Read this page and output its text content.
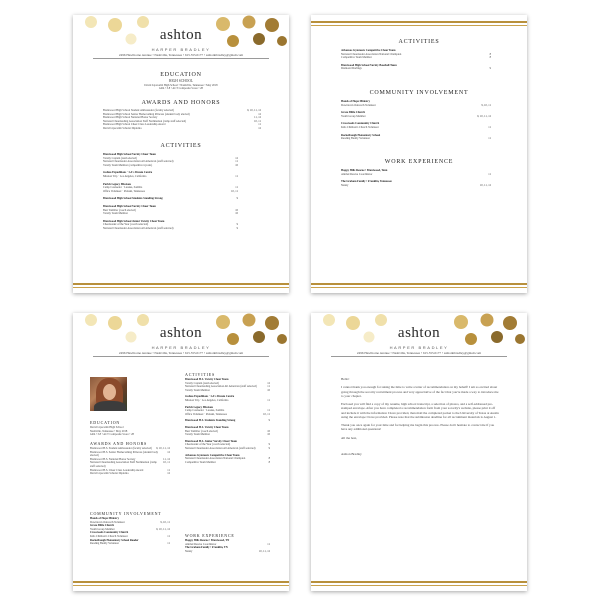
ashton
HARPER BRADLEY
2496 Hawthorne Avenue • Nashville, Tennessee • 615.555.0177 • ashtonhbradley@gmail.com
EDUCATION
HIGH SCHOOL
David Lipscomb High School • Nashville, Tennessee • May 2018
GPA • 3.8 • ACT Composite Score • 28
AWARDS AND HONORS
Brentwood High School Student Ambassador (faculty selected)	9, 10, 11, 12
Brentwood High School Senior Homecoming Princess (student body elected)	12
Brentwood High School National Honor Society	11, 12
National Cheerleading Association Staff Nomination (camp staff selected)	10, 11
Brentwood High School Cheer Class Leadership Award	11
David Lipscomb Scholar Diploma	12
ACTIVITIES
Brentwood High School Varsity Cheer Team
Varsity Captain (team elected)	12
National Cheerleader Association All American (staff selected)	11
Varsity Team Member (competitive tryouts)	10
Joshua Expeditions · LA's Dream Centre
Mission Trip · Los Angeles, California	11
Parish Legacy Missions
Camp Counselor · Lusaka, Zambia	11
Office Volunteer · Pulaski, Tennessee	10, 11
Brentwood High School Students Standing Strong	9
Brentwood High School Varsity Cheer Team
Best Tumbler (coach elected)	10
Varsity Team Member	10
Brentwood High School Junior Varsity Cheer Team
Cheerleader of the Year (coach selected)	9
National Cheerleader Association All American (staff selected)	9
ACTIVITIES
Arkansas Gymnasts Competitive Cheer Team
National Cheerleader Association National Champion	8
Competitive Team Member	8
Brentwood High School Varsity Baseball Team
Diamond Darlings	9
COMMUNITY INVOLVEMENT
Hands of Hope Ministry
Downtown Outreach Volunteer	9, 10, 11
Grace Bible Church
Youth Group Member	9, 10, 11, 12
Crossroads Community Church
Kids Children's Church Volunteer	11
Rocketbough Elementary School
Reading Buddy Volunteer	11
WORK EXPERIENCE
Happy Hills Rescue • Brentwood, Tenn
Animal Rescue Coordinator	11
The Graham Family • Franklin, Tennessee
Nanny	10, 11, 12
ashton
HARPER BRADLEY
2496 Hawthorne Avenue • Nashville, Tennessee • 615.555.0177 • ashtonhbradley@gmail.com
EDUCATION
David Lipscomb High School
Nashville, Tennessee • May 2018
GPA • 3.8 • ACT Composite Score • 28
AWARDS AND HONORS
Brentwood H.S. Student Ambassador (faculty selected) 9, 10, 11, 12
Brentwood H.S. Senior Homecoming Princess (student body elected)
12
Brentwood H.S. National Honor Society	11, 12
National Cheerleading Association Staff Nomination (camp staff selected)
10, 11
Brentwood H.S. Cheer Class Leadership Award	11
David Lipscomb Scholar Diploma	12
COMMUNITY INVOLVEMENT
Hands of Hope Ministry
Downtown Outreach Volunteer	9, 10, 11
Grace Bible Church
Youth Group Member	9, 10, 11, 12
Crossroads Community Church
Kids Children's Church Volunteer	11
Rocketbough Elementary School Reader
Reading Buddy Volunteer	11
ACTIVITIES
Brentwood H.S. Varsity Cheer Team
Varsity Captain (team elected)	12
National Cheerleading Association All American (staff selected)	11
Varsity Team Member	10
Joshua Expeditions · LA's Dream Centre
Mission Trip · Los Angeles, California	11
Parish Legacy Missions
Camp Counselor · Lusaka, Zambia	11
Office Volunteer · Pulaski, Tennessee	10, 11
Brentwood H.S. Students Standing Strong	9
Brentwood H.S. Varsity Cheer Team
Best Tumbler (coach elected)	10
Varsity Team Member	10
Brentwood H.S. Junior Varsity Cheer Team
Cheerleader of the Year (coach selected)	9
National Cheerleader Association All American (staff selected)	9
Arkansas Gymnasts Competitive Cheer Team
National Cheerleader Association National Champion	8
Competitive Team Member	8
WORK EXPERIENCE
Happy Hills Rescue • Brentwood, TN
Animal Rescue Coordinator	11
The Graham Family • Franklin, TN
Nanny	10, 11, 12
ashton
HARPER BRADLEY
2496 Hawthorne Avenue • Nashville, Tennessee • 615.555.0177 • ashtonhbradley@gmail.com

Hello!

I cannot thank you enough for taking the time to write a letter of recommendation on my behalf! I am so excited about going through the sorority recruitment process and very appreciative of the fact that you're made a way to introduce me to your chapter.

Enclosed you will find a copy of my resume, high school transcript, a selection of photos, and a self-addressed pre-stamped envelope. After you have completed a recommendation form from your sorority's website, please print it off and include it with the information I have provided, then mail the completed packet to the University of Texas at Austin using the envelope I have provided. Please note that the submission deadline for all recruitment materials is August 1.

Thank you once again for your time and for helping me begin this process. Please don't hesitate to contact me if you have any additional questions!

All the best,

Ashton Bradley
